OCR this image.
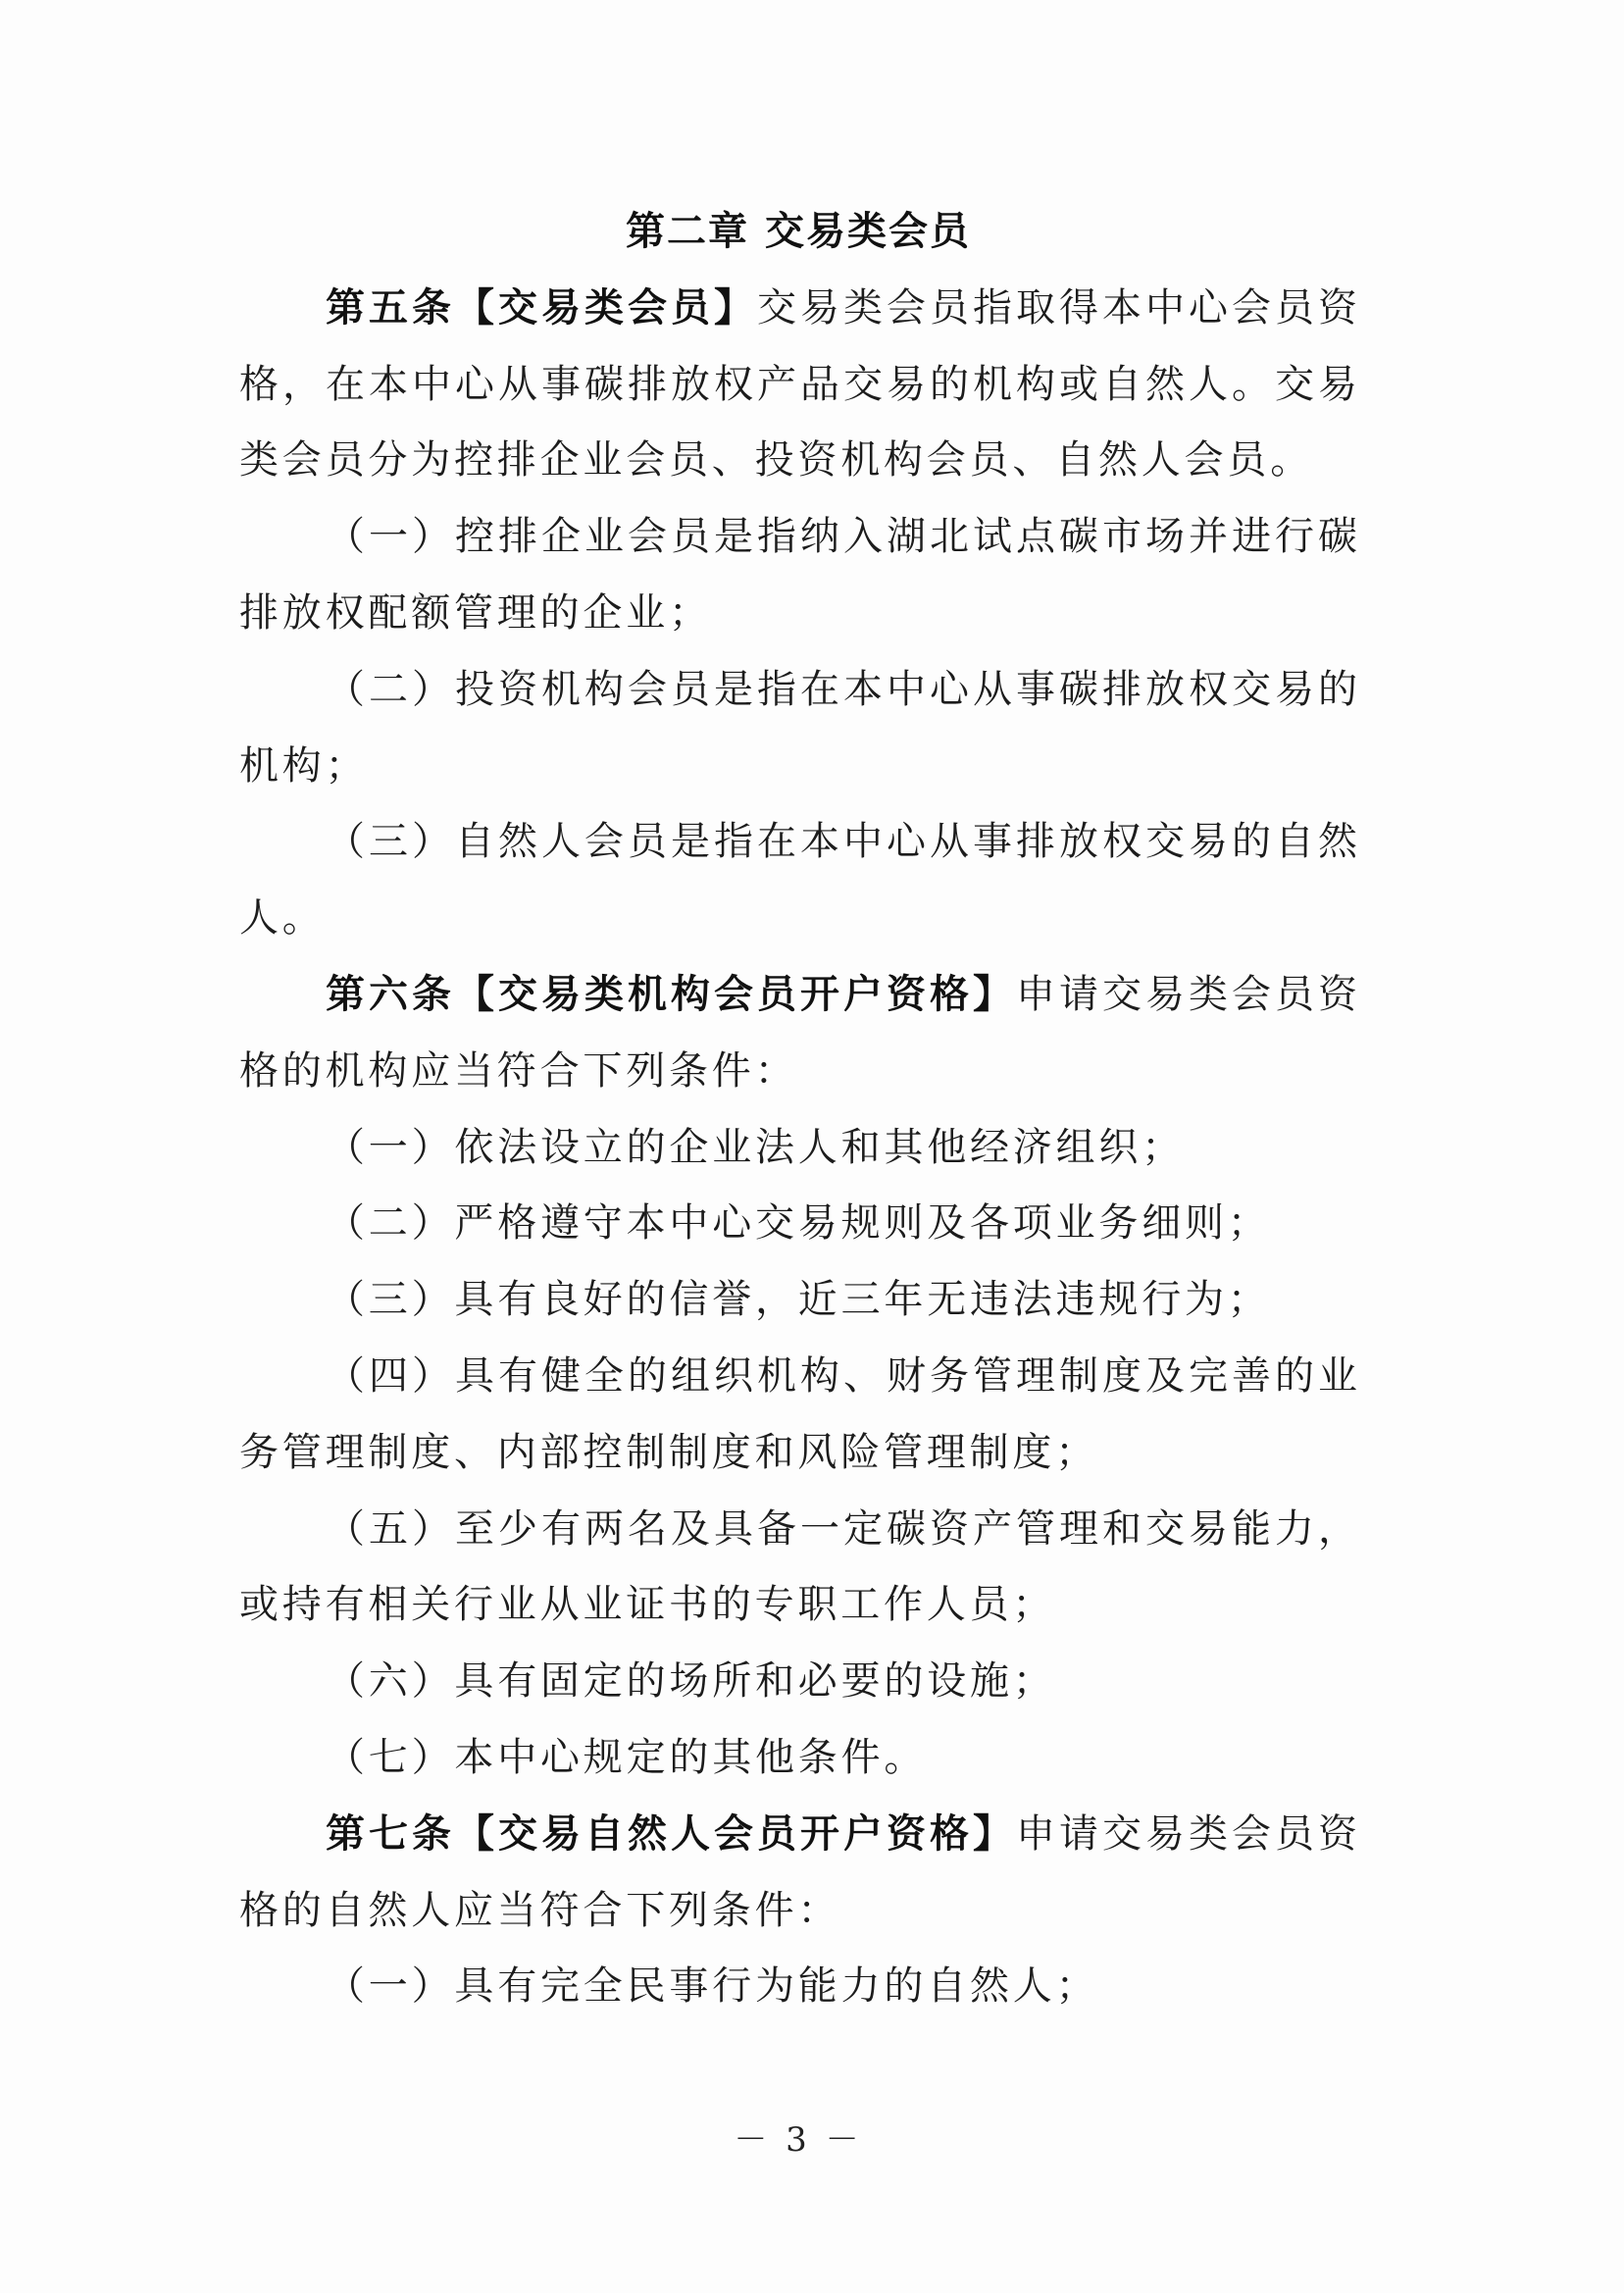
第二章 交易类会员
第五条【交易类会员】交易类会员指取得本中心会员资
格，在本中心从事碳排放权产品交易的机构或自然人。交易
类会员分为控排企业会员、投资机构会员、自然人会员。
（一）控排企业会员是指纳入湖北试点碳市场并进行碳
排放权配额管理的企业；
（二）投资机构会员是指在本中心从事碳排放权交易的
机构；
（三）自然人会员是指在本中心从事排放权交易的自然
人。
第六条【交易类机构会员开户资格】申请交易类会员资
格的机构应当符合下列条件：
（一）依法设立的企业法人和其他经济组织；
（二）严格遵守本中心交易规则及各项业务细则；
（三）具有良好的信誉，近三年无违法违规行为；
（四）具有健全的组织机构、财务管理制度及完善的业
务管理制度、内部控制制度和风险管理制度；
（五）至少有两名及具备一定碳资产管理和交易能力，
或持有相关行业从业证书的专职工作人员；
（六）具有固定的场所和必要的设施；
（七）本中心规定的其他条件。
第七条【交易自然人会员开户资格】申请交易类会员资
格的自然人应当符合下列条件：
（一）具有完全民事行为能力的自然人；
－ 3 －
